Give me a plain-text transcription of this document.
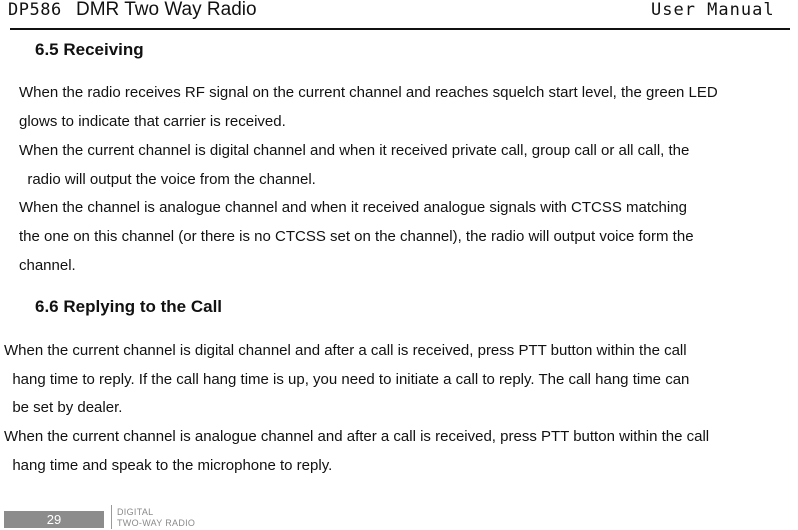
DP586 DMR Two Way Radio	User Manual
6.5 Receiving

When the radio receives RF signal on the current channel and reaches squelch start level, the green LED

glows to indicate that carrier is received.

When the current channel is digital channel and when it received private call, group call or all call, the

radio will output the voice from the channel.

When the channel is analogue channel and when it received analogue signals with CTCSS matching

the one on this channel (or there is no CTCSS set on the channel), the radio will output voice form the

channel.

6.6 Replying to the Call

When the current channel is digital channel and after a call is received, press PTT button within the call

hang time to reply. If the call hang time is up, you need to initiate a call to reply. The call hang time can

be set by dealer.

When the current channel is analogue channel and after a call is received, press PTT button within the call

hang time and speak to the microphone to reply.

29	DIGITAL
TWO-WAY RADIO
